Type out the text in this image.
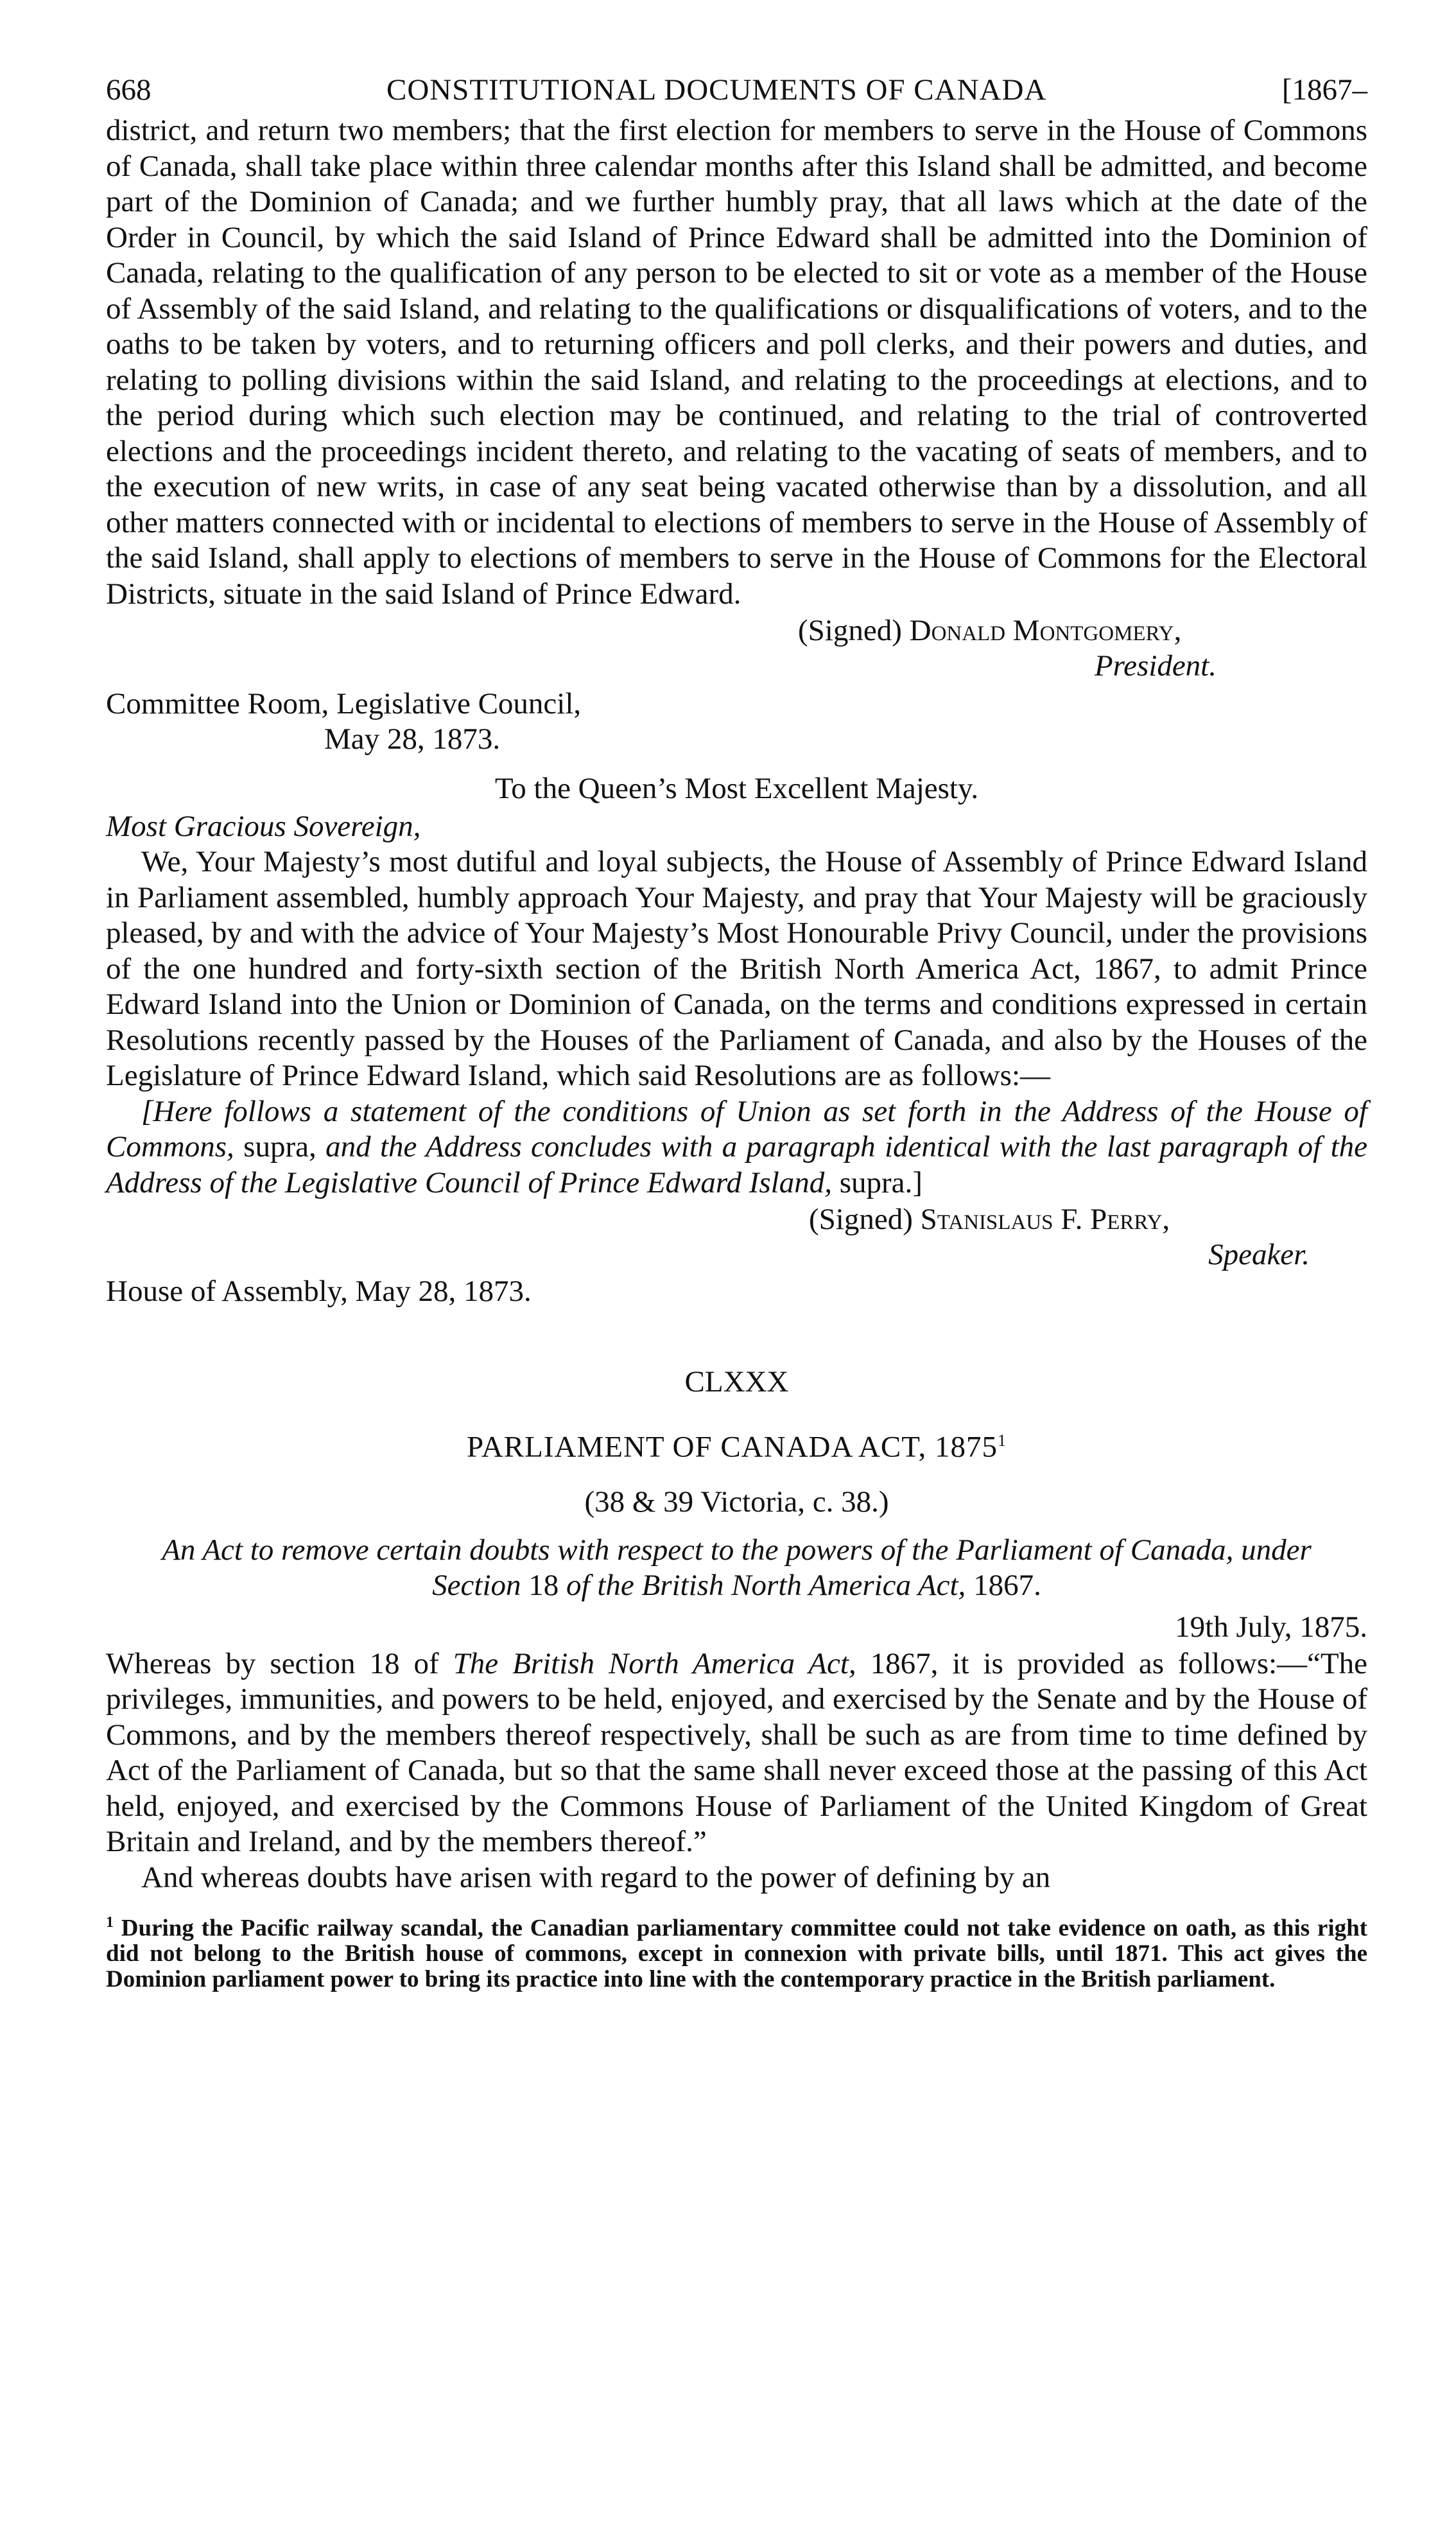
668	CONSTITUTIONAL DOCUMENTS OF CANADA	[1867–

district, and return two members; that the first election for members to serve in the House of Commons of Canada, shall take place within three calendar months after this Island shall be admitted, and become part of the Dominion of Canada; and we further humbly pray, that all laws which at the date of the Order in Council, by which the said Island of Prince Edward shall be admitted into the Dominion of Canada, relating to the qualification of any person to be elected to sit or vote as a member of the House of Assembly of the said Island, and relating to the qualifications or disqualifications of voters, and to the oaths to be taken by voters, and to returning officers and poll clerks, and their powers and duties, and relating to polling divisions within the said Island, and relating to the proceedings at elections, and to the period during which such election may be continued, and relating to the trial of controverted elections and the proceedings incident thereto, and relating to the vacating of seats of members, and to the execution of new writs, in case of any seat being vacated otherwise than by a dissolution, and all other matters connected with or incidental to elections of members to serve in the House of Assembly of the said Island, shall apply to elections of members to serve in the House of Commons for the Electoral Districts, situate in the said Island of Prince Edward.

(Signed) Donald Montgomery,
President.
Committee Room, Legislative Council,
May 28, 1873.
To the Queen’s Most Excellent Majesty.
Most Gracious Sovereign,

We, Your Majesty’s most dutiful and loyal subjects, the House of Assembly of Prince Edward Island in Parliament assembled, humbly approach Your Majesty, and pray that Your Majesty will be graciously pleased, by and with the advice of Your Majesty’s Most Honourable Privy Council, under the provisions of the one hundred and forty-sixth section of the British North America Act, 1867, to admit Prince Edward Island into the Union or Dominion of Canada, on the terms and conditions expressed in certain Resolutions recently passed by the Houses of the Parliament of Canada, and also by the Houses of the Legislature of Prince Edward Island, which said Resolutions are as follows:—

[Here follows a statement of the conditions of Union as set forth in the Address of the House of Commons, supra, and the Address concludes with a paragraph identical with the last paragraph of the Address of the Legislative Council of Prince Edward Island, supra.]

(Signed) Stanislaus F. Perry,
Speaker.
House of Assembly, May 28, 1873.
CLXXX
PARLIAMENT OF CANADA ACT, 1875$^1$
(38 & 39 Victoria, c. 38.)
An Act to remove certain doubts with respect to the powers of the Parliament of Canada, under Section 18 of the British North America Act, 1867.
19th July, 1875.

Whereas by section 18 of The British North America Act, 1867, it is provided as follows:—“The privileges, immunities, and powers to be held, enjoyed, and exercised by the Senate and by the House of Commons, and by the members thereof respectively, shall be such as are from time to time defined by Act of the Parliament of Canada, but so that the same shall never exceed those at the passing of this Act held, enjoyed, and exercised by the Commons House of Parliament of the United Kingdom of Great Britain and Ireland, and by the members thereof.”

And whereas doubts have arisen with regard to the power of defining by an

$^1$ During the Pacific railway scandal, the Canadian parliamentary committee could not take evidence on oath, as this right did not belong to the British house of commons, except in connexion with private bills, until 1871. This act gives the Dominion parliament power to bring its practice into line with the contemporary practice in the British parliament.
